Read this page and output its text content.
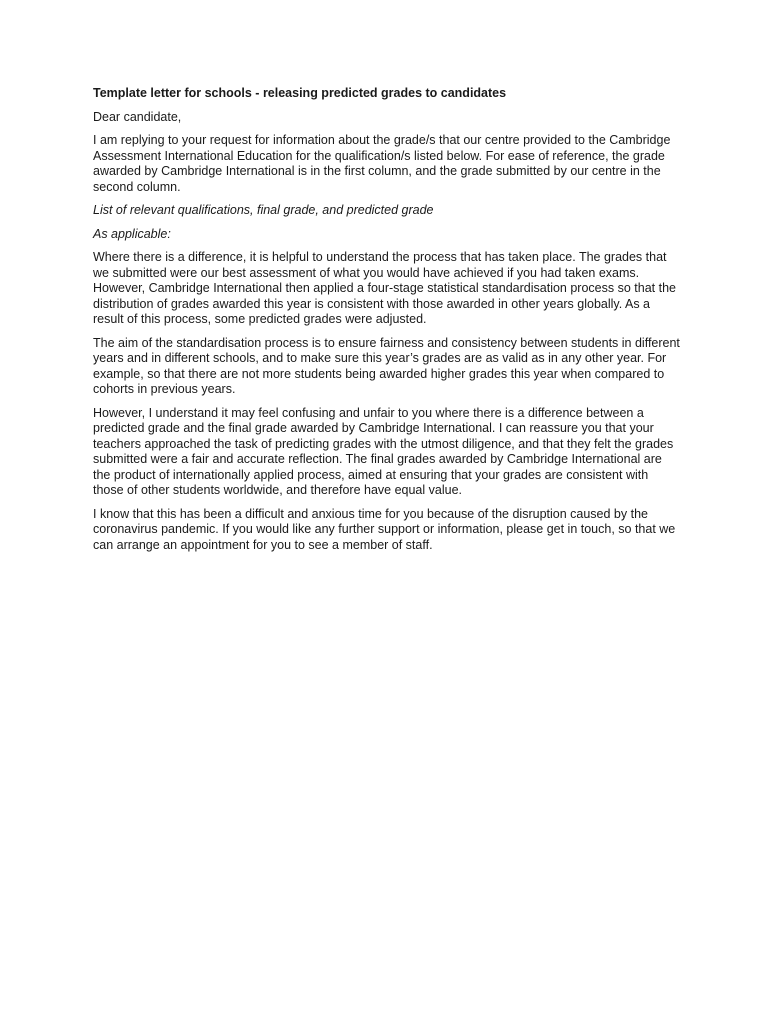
Template letter for schools - releasing predicted grades to candidates

Dear candidate,

I am replying to your request for information about the grade/s that our centre provided to the Cambridge Assessment International Education for the qualification/s listed below. For ease of reference, the grade awarded by Cambridge International is in the first column, and the grade submitted by our centre in the second column.

List of relevant qualifications, final grade, and predicted grade

As applicable:

Where there is a difference, it is helpful to understand the process that has taken place. The grades that we submitted were our best assessment of what you would have achieved if you had taken exams. However, Cambridge International then applied a four-stage statistical standardisation process so that the distribution of grades awarded this year is consistent with those awarded in other years globally. As a result of this process, some predicted grades were adjusted.

The aim of the standardisation process is to ensure fairness and consistency between students in different years and in different schools, and to make sure this year’s grades are as valid as in any other year. For example, so that there are not more students being awarded higher grades this year when compared to cohorts in previous years.

However, I understand it may feel confusing and unfair to you where there is a difference between a predicted grade and the final grade awarded by Cambridge International. I can reassure you that your teachers approached the task of predicting grades with the utmost diligence, and that they felt the grades submitted were a fair and accurate reflection. The final grades awarded by Cambridge International are the product of internationally applied process, aimed at ensuring that your grades are consistent with those of other students worldwide, and therefore have equal value.

I know that this has been a difficult and anxious time for you because of the disruption caused by the coronavirus pandemic. If you would like any further support or information, please get in touch, so that we can arrange an appointment for you to see a member of staff.
